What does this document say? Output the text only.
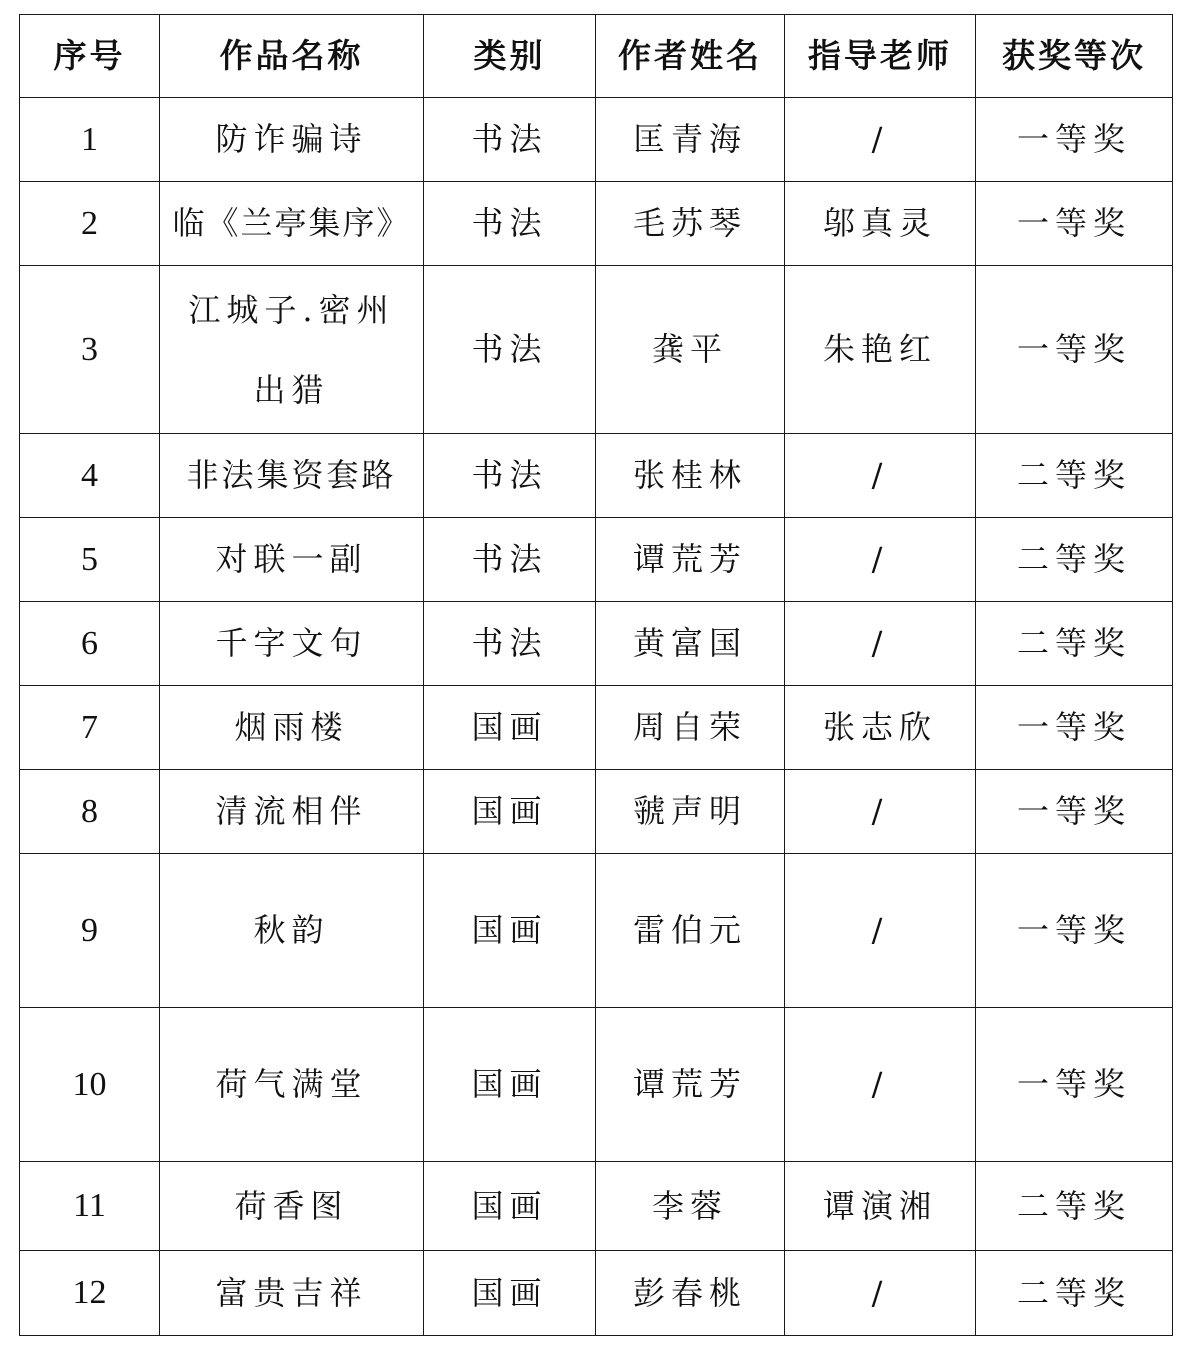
序号	作品名称	类别	作者姓名	指导老师	获奖等次
1	防诈骗诗	书法	匡青海	/	一等奖
2	临《兰亭集序》	书法	毛苏琴	邬真灵	一等奖
3	江城子.密州出猎	书法	龚平	朱艳红	一等奖
4	非法集资套路	书法	张桂林	/	二等奖
5	对联一副	书法	谭荒芳	/	二等奖
6	千字文句	书法	黄富国	/	二等奖
7	烟雨楼	国画	周自荣	张志欣	一等奖
8	清流相伴	国画	虢声明	/	一等奖
9	秋韵	国画	雷伯元	/	一等奖
10	荷气满堂	国画	谭荒芳	/	一等奖
11	荷香图	国画	李蓉	谭演湘	二等奖
12	富贵吉祥	国画	彭春桃	/	二等奖
